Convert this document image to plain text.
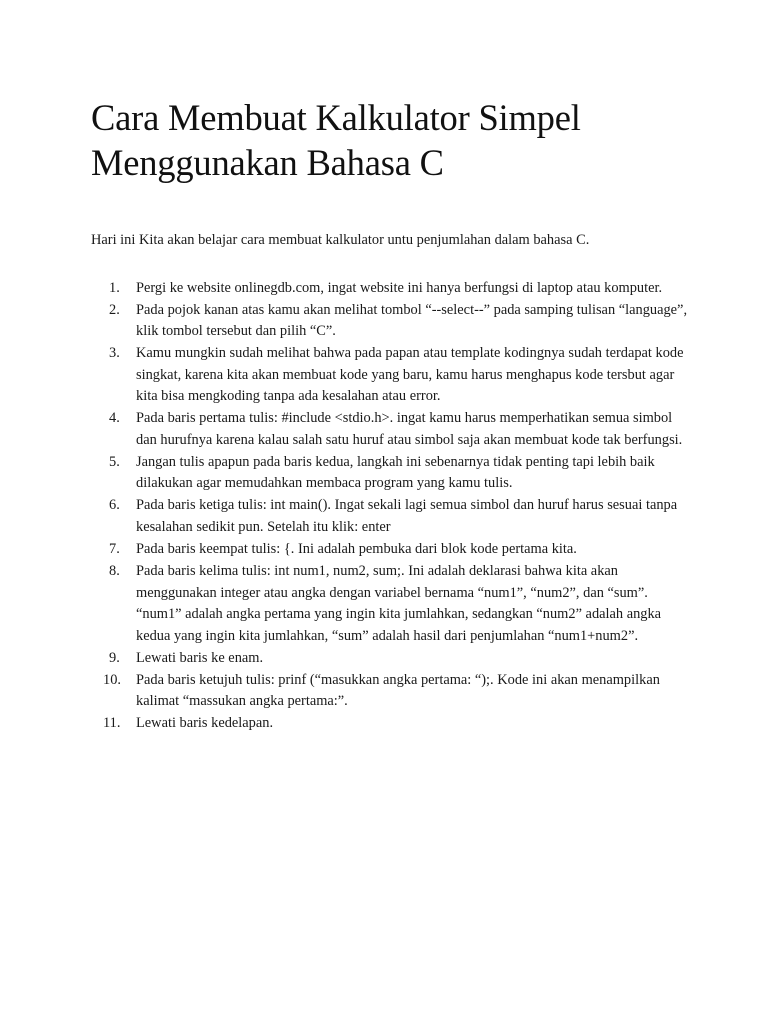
Cara Membuat Kalkulator Simpel Menggunakan Bahasa C

Hari ini Kita akan belajar cara membuat kalkulator untu penjumlahan dalam bahasa C.

1.	Pergi ke website onlinegdb.com, ingat website ini hanya berfungsi di laptop atau komputer.
2.	Pada pojok kanan atas kamu akan melihat tombol “--select--” pada samping tulisan “language”, klik tombol tersebut dan pilih “C”.
3.	Kamu mungkin sudah melihat bahwa pada papan atau template kodingnya sudah terdapat kode singkat, karena kita akan membuat kode yang baru, kamu harus menghapus kode tersbut agar kita bisa mengkoding tanpa ada kesalahan atau error.
4.	Pada baris pertama tulis: #include <stdio.h>. ingat kamu harus memperhatikan semua simbol dan hurufnya karena kalau salah satu huruf atau simbol saja akan membuat kode tak berfungsi.
5.	Jangan tulis apapun pada baris kedua, langkah ini sebenarnya tidak penting tapi lebih baik dilakukan agar memudahkan membaca program yang kamu tulis.
6.	Pada baris ketiga tulis: int main(). Ingat sekali lagi semua simbol dan huruf harus sesuai tanpa kesalahan sedikit pun. Setelah itu klik: enter
7.	Pada baris keempat tulis: {. Ini adalah pembuka dari blok kode pertama kita.
8.	Pada baris kelima tulis: int num1, num2, sum;. Ini adalah deklarasi bahwa kita akan menggunakan integer atau angka dengan variabel bernama “num1”, “num2”, dan “sum”. “num1” adalah angka pertama yang ingin kita jumlahkan, sedangkan “num2” adalah angka kedua yang ingin kita jumlahkan, “sum” adalah hasil dari penjumlahan “num1+num2”.
9.	Lewati baris ke enam.
10.	Pada baris ketujuh tulis: prinf (“masukkan angka pertama: “);. Kode ini akan menampilkan kalimat “massukan angka pertama:”.
11.	Lewati baris kedelapan.
